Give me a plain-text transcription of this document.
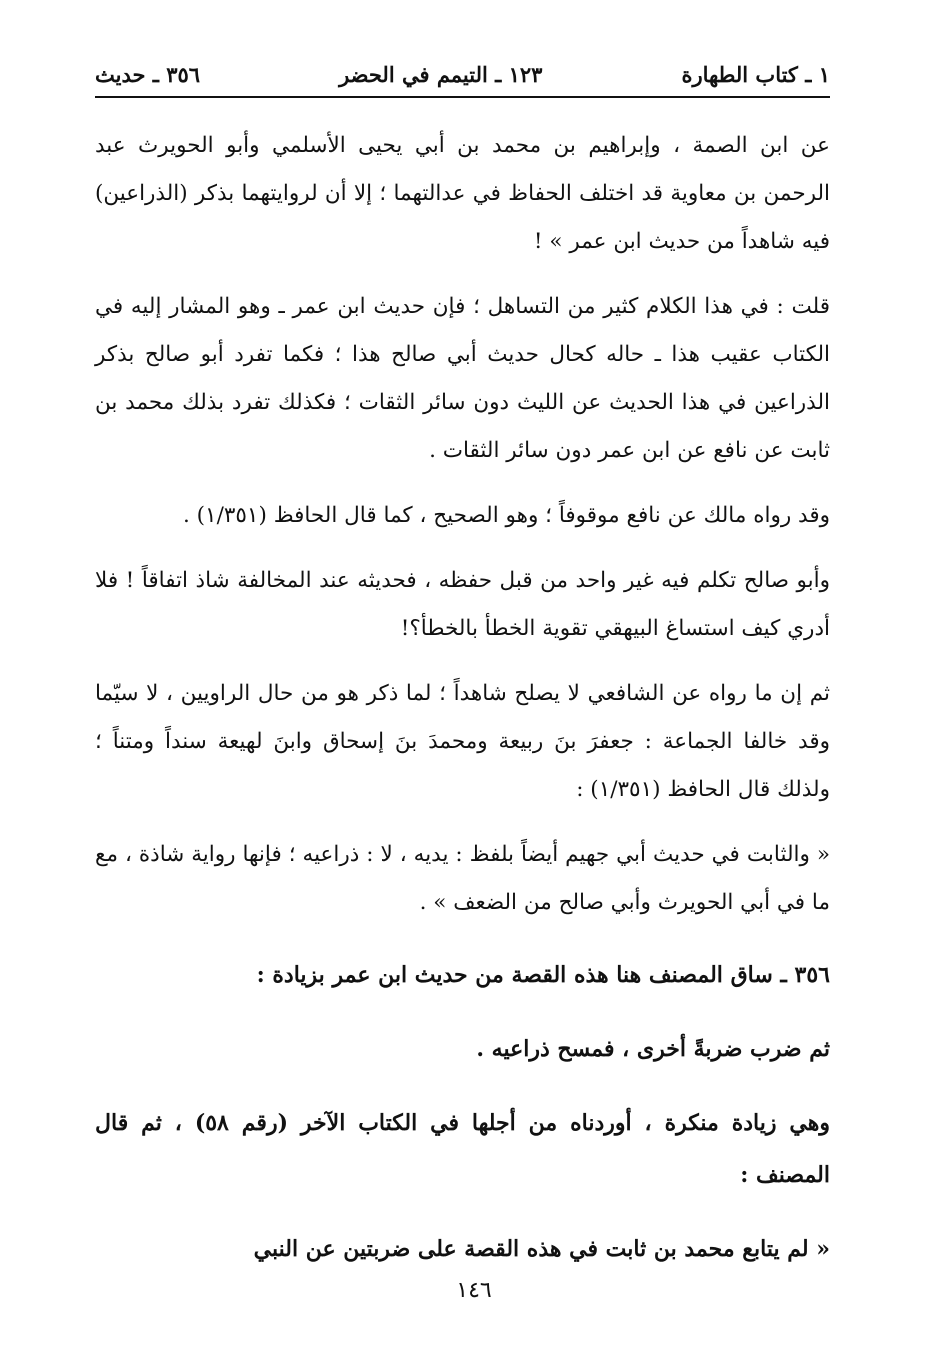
١ ـ كتاب الطهارة
١٢٣ ـ التيمم في الحضر
٣٥٦ ـ حديث

عن ابن الصمة ، وإبراهيم بن محمد بن أبي يحيى الأسلمي وأبو الحويرث عبد الرحمن بن معاوية قد اختلف الحفاظ في عدالتهما ؛ إلا أن لروايتهما بذكر (الذراعين) فيه شاهداً من حديث ابن عمر » !

قلت : في هذا الكلام كثير من التساهل ؛ فإن حديث ابن عمر ـ وهو المشار إليه في الكتاب عقيب هذا ـ حاله كحال حديث أبي صالح هذا ؛ فكما تفرد أبو صالح بذكر الذراعين في هذا الحديث عن الليث دون سائر الثقات ؛ فكذلك تفرد بذلك محمد بن ثابت عن نافع عن ابن عمر دون سائر الثقات .

وقد رواه مالك عن نافع موقوفاً ؛ وهو الصحيح ، كما قال الحافظ (١/٣٥١) .

وأبو صالح تكلم فيه غير واحد من قبل حفظه ، فحديثه عند المخالفة شاذ اتفاقاً ! فلا أدري كيف استساغ البيهقي تقوية الخطأ بالخطأ؟!

ثم إن ما رواه عن الشافعي لا يصلح شاهداً ؛ لما ذكر هو من حال الراويين ، لا سيّما وقد خالفا الجماعة : جعفرَ بنَ ربيعة ومحمدَ بنَ إسحاق وابنَ لهيعة سنداً ومتناً ؛ ولذلك قال الحافظ (١/٣٥١) :

« والثابت في حديث أبي جهيم أيضاً بلفظ : يديه ، لا : ذراعيه ؛ فإنها رواية شاذة ، مع ما في أبي الحويرث وأبي صالح من الضعف » .

٣٥٦ ـ ساق المصنف هنا هذه القصة من حديث ابن عمر بزيادة :

ثم ضرب ضربةً أخرى ، فمسح ذراعيه .

وهي زيادة منكرة ، أوردناه من أجلها في الكتاب الآخر (رقم ٥٨) ، ثم قال المصنف :

« لم يتابع محمد بن ثابت في هذه القصة على ضربتين عن النبي

١٤٦
